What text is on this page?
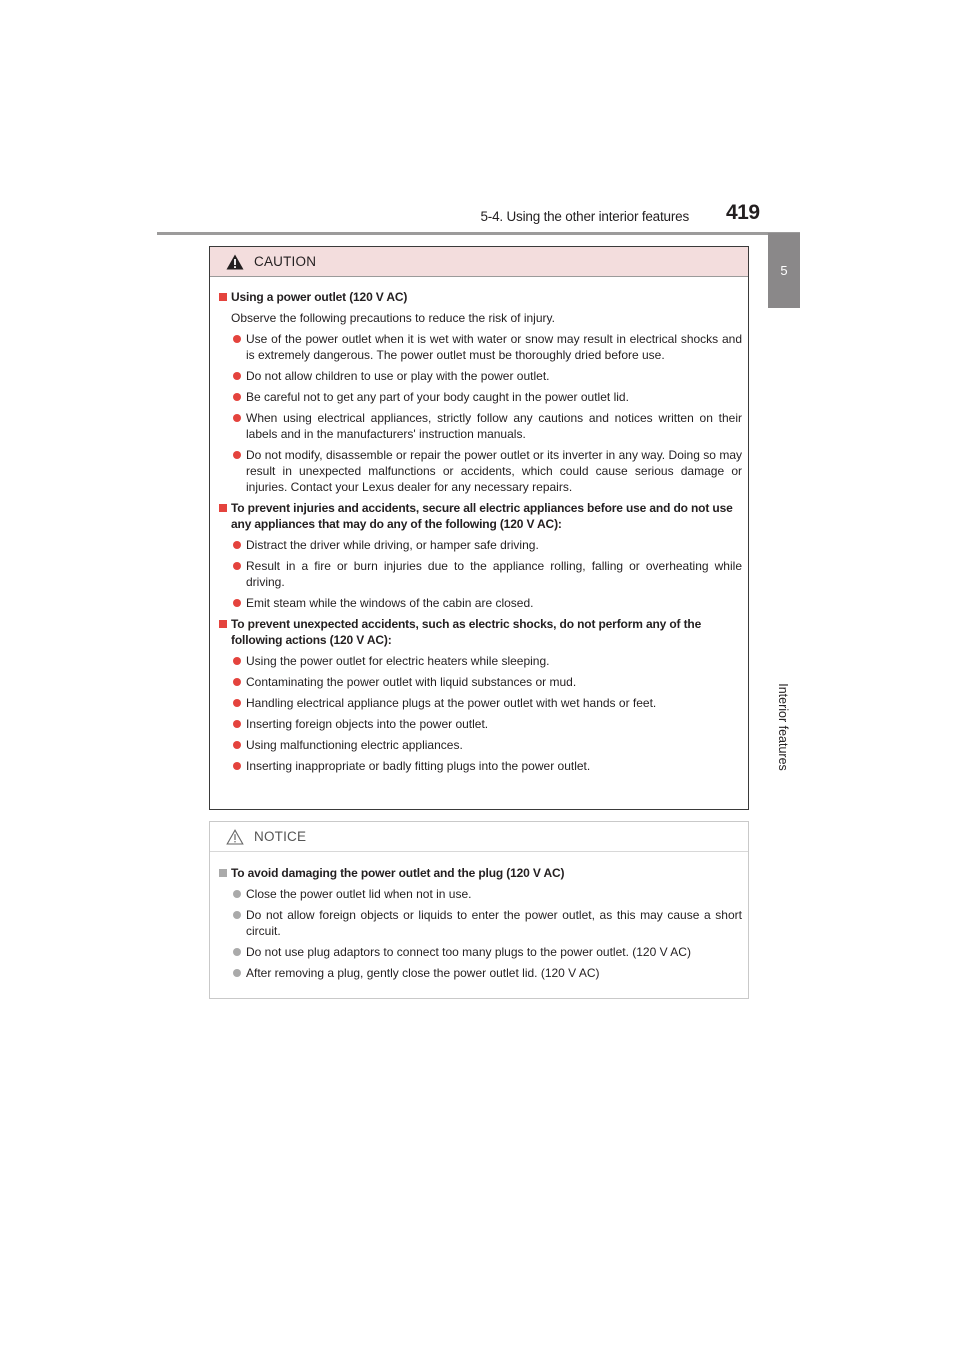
5-4. Using the other interior features 419
5
Interior features
CAUTION
Using a power outlet (120 V AC)
Observe the following precautions to reduce the risk of injury.
Use of the power outlet when it is wet with water or snow may result in electrical shocks and is extremely dangerous. The power outlet must be thoroughly dried before use.
Do not allow children to use or play with the power outlet.
Be careful not to get any part of your body caught in the power outlet lid.
When using electrical appliances, strictly follow any cautions and notices written on their labels and in the manufacturers' instruction manuals.
Do not modify, disassemble or repair the power outlet or its inverter in any way. Doing so may result in unexpected malfunctions or accidents, which could cause serious damage or injuries. Contact your Lexus dealer for any necessary repairs.
To prevent injuries and accidents, secure all electric appliances before use and do not use any appliances that may do any of the following (120 V AC):
Distract the driver while driving, or hamper safe driving.
Result in a fire or burn injuries due to the appliance rolling, falling or overheating while driving.
Emit steam while the windows of the cabin are closed.
To prevent unexpected accidents, such as electric shocks, do not perform any of the following actions (120 V AC):
Using the power outlet for electric heaters while sleeping.
Contaminating the power outlet with liquid substances or mud.
Handling electrical appliance plugs at the power outlet with wet hands or feet.
Inserting foreign objects into the power outlet.
Using malfunctioning electric appliances.
Inserting inappropriate or badly fitting plugs into the power outlet.
NOTICE
To avoid damaging the power outlet and the plug (120 V AC)
Close the power outlet lid when not in use.
Do not allow foreign objects or liquids to enter the power outlet, as this may cause a short circuit.
Do not use plug adaptors to connect too many plugs to the power outlet. (120 V AC)
After removing a plug, gently close the power outlet lid. (120 V AC)
